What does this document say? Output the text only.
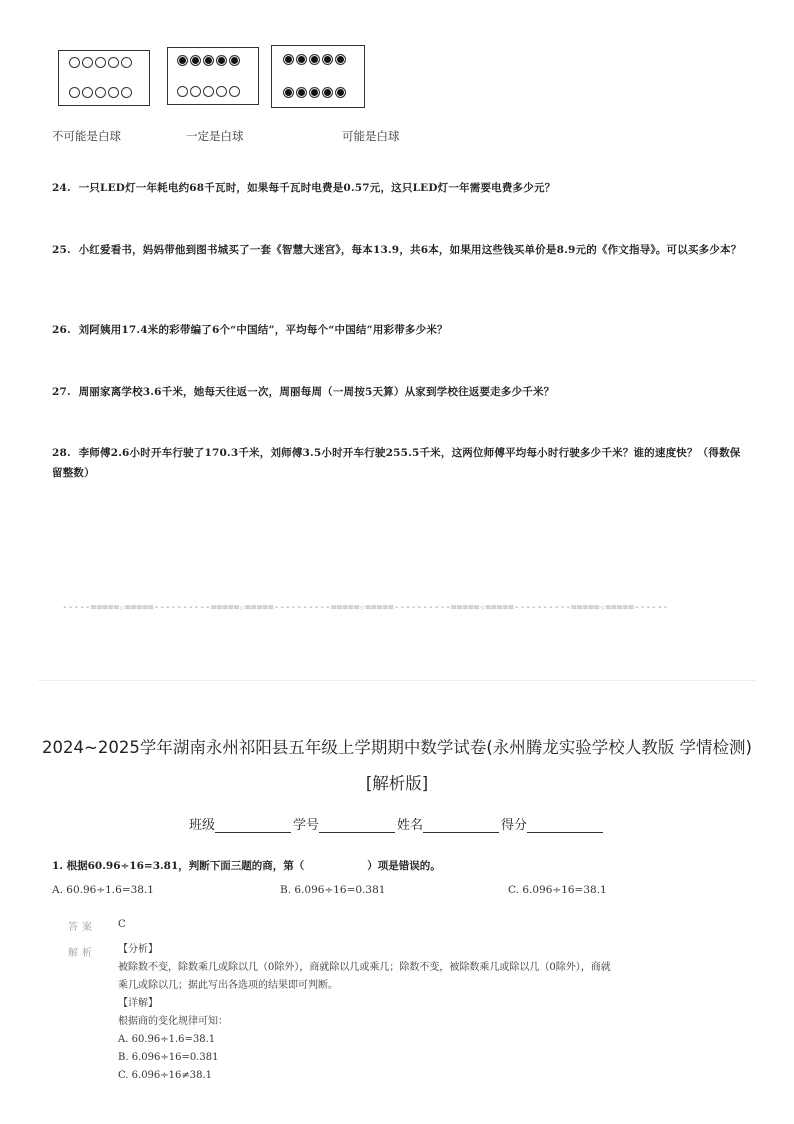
不可能是白球	一定是白球	可能是白球
24. 一只LED灯一年耗电约68千瓦时，如果每千瓦时电费是0.57元，这只LED灯一年需要电费多少元？
25. 小红爱看书，妈妈带他到图书城买了一套《智慧大迷宫》，每本13.9，共6本，如果用这些钱买单价是8.9元的《作文指导》。可以买多少本？
26. 刘阿姨用17.4米的彩带编了6个“中国结”，平均每个“中国结”用彩带多少米？
27. 周丽家离学校3.6千米，她每天往返一次，周丽每周（一周按5天算）从家到学校往返要走多少千米？
28. 李师傅2.6小时开车行驶了170.3千米，刘师傅3.5小时开车行驶255.5千米，这两位师傅平均每小时行驶多少千米？谁的速度快？（得数保留整数）
-----=====☆=====----------=====☆=====----------=====☆=====----------=====☆=====----------=====☆=====------
2024~2025学年湖南永州祁阳县五年级上学期期中数学试卷(永州腾龙实验学校人教版 学情检测)[解析版]
班级	学号	姓名	得分
1. 根据60.96÷16=3.81，判断下面三题的商，第（　　　　　　）项是错误的。
A. 60.96÷1.6=38.1	B. 6.096÷16=0.381	C. 6.096÷16=38.1
答案 C
解析 【分析】
被除数不变，除数乘几或除以几（0除外），商就除以几或乘几；除数不变，被除数乘几或除以几（0除外），商就
乘几或除以几；据此写出各选项的结果即可判断。
【详解】
根据商的变化规律可知：
A. 60.96÷1.6=38.1
B. 6.096÷16=0.381
C. 6.096÷16≠38.1
